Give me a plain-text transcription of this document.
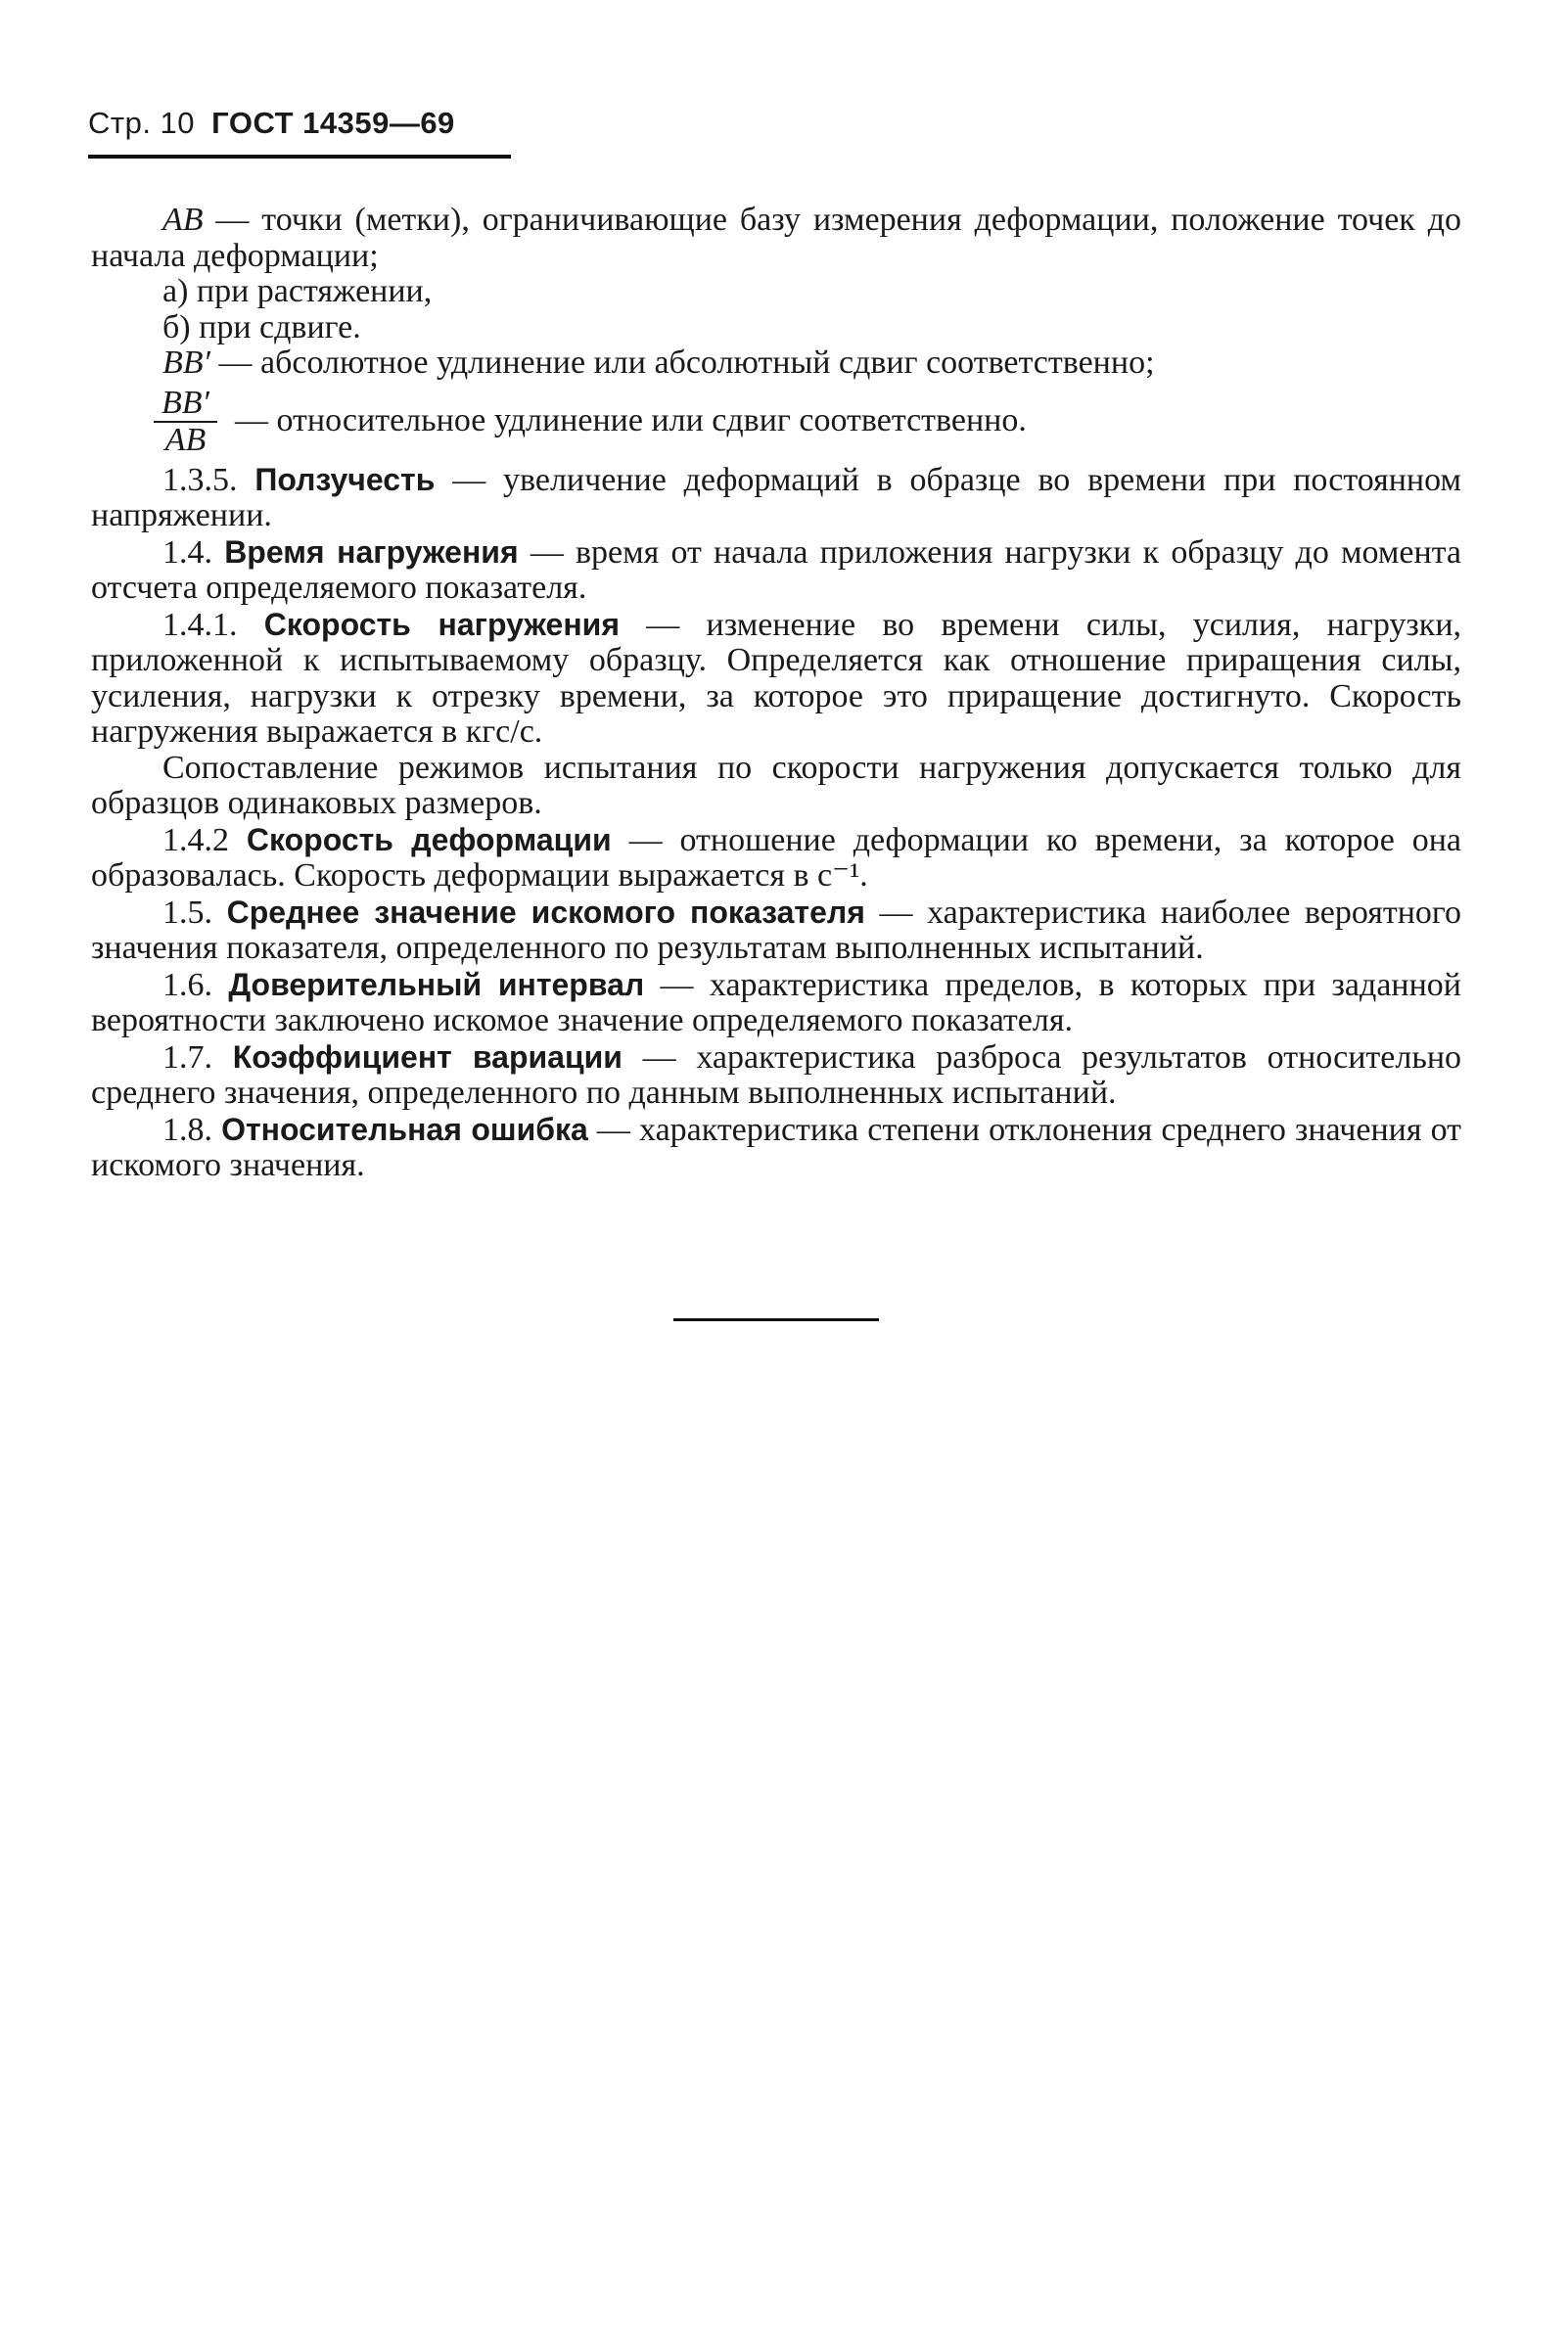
Стр. 10 ГОСТ 14359—69

AB — точки (метки), ограничивающие базу измерения деформации, положение точек до начала деформации;

а) при растяжении,

б) при сдвиге.

BB′ — абсолютное удлинение или абсолютный сдвиг соответственно;

$\frac{BB'}{AB}$ — относительное удлинение или сдвиг соответственно.

1.3.5. Ползучесть — увеличение деформаций в образце во времени при постоянном напряжении.

1.4. Время нагружения — время от начала приложения нагрузки к образцу до момента отсчета определяемого показателя.

1.4.1. Скорость нагружения — изменение во времени силы, усилия, нагрузки, приложенной к испытываемому образцу. Определяется как отношение приращения силы, усиления, нагрузки к отрезку времени, за которое это приращение достигнуто. Скорость нагружения выражается в кгс/с.

Сопоставление режимов испытания по скорости нагружения допускается только для образцов одинаковых размеров.

1.4.2 Скорость деформации — отношение деформации ко времени, за которое она образовалась. Скорость деформации выражается в с⁻¹.

1.5. Среднее значение искомого показателя — характеристика наиболее вероятного значения показателя, определенного по результатам выполненных испытаний.

1.6. Доверительный интервал — характеристика пределов, в которых при заданной вероятности заключено искомое значение определяемого показателя.

1.7. Коэффициент вариации — характеристика разброса результатов относительно среднего значения, определенного по данным выполненных испытаний.

1.8. Относительная ошибка — характеристика степени отклонения среднего значения от искомого значения.
